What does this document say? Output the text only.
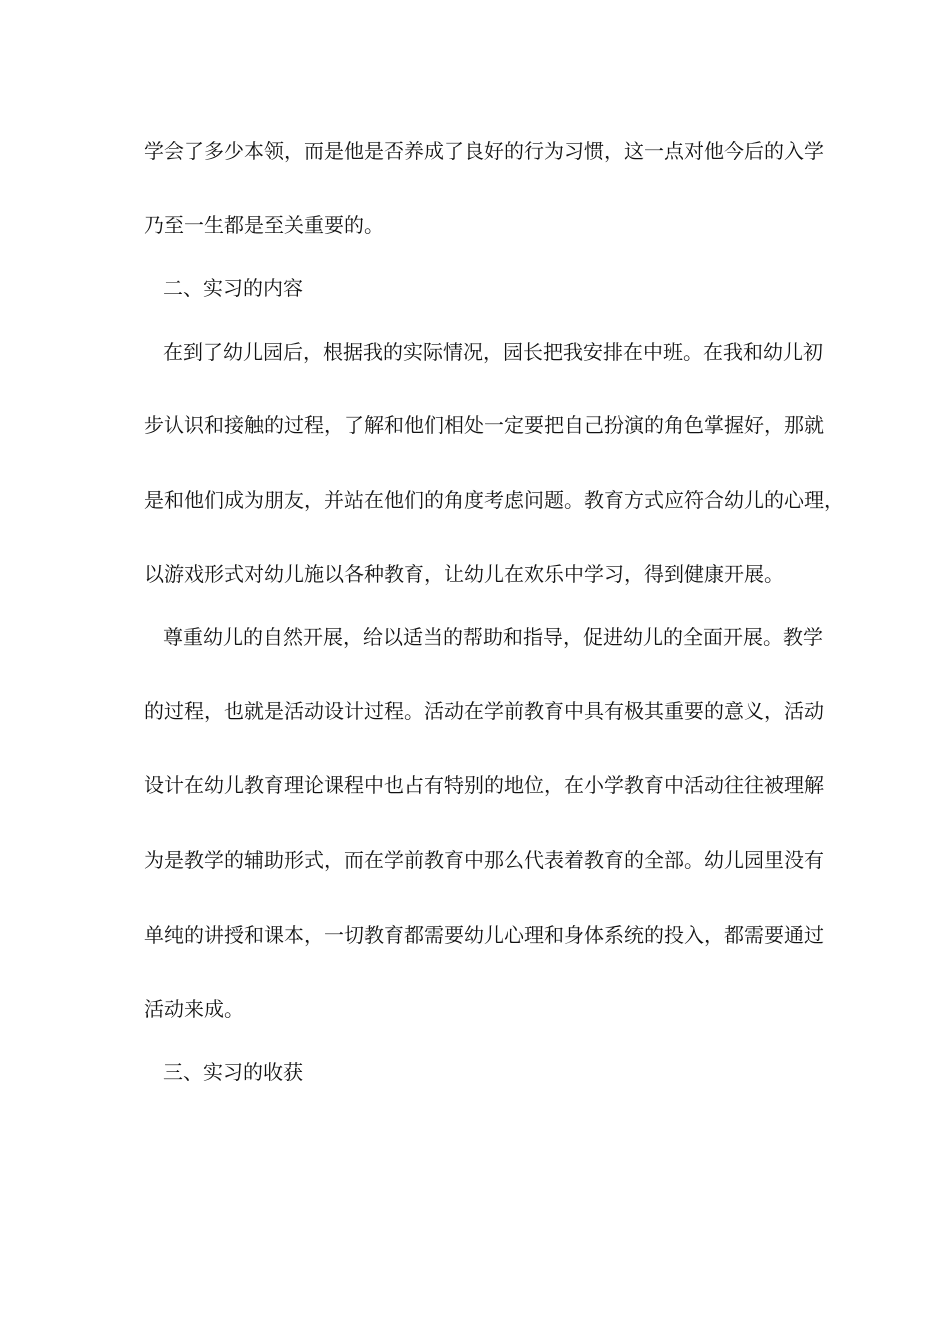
学会了多少本领，而是他是否养成了良好的行为习惯，这一点对他今后的入学
乃至一生都是至关重要的。
二、实习的内容
在到了幼儿园后，根据我的实际情况，园长把我安排在中班。在我和幼儿初
步认识和接触的过程，了解和他们相处一定要把自己扮演的角色掌握好，那就
是和他们成为朋友，并站在他们的角度考虑问题。教育方式应符合幼儿的心理，
以游戏形式对幼儿施以各种教育，让幼儿在欢乐中学习，得到健康开展。
尊重幼儿的自然开展，给以适当的帮助和指导，促进幼儿的全面开展。教学
的过程，也就是活动设计过程。活动在学前教育中具有极其重要的意义，活动
设计在幼儿教育理论课程中也占有特别的地位，在小学教育中活动往往被理解
为是教学的辅助形式，而在学前教育中那么代表着教育的全部。幼儿园里没有
单纯的讲授和课本，一切教育都需要幼儿心理和身体系统的投入，都需要通过
活动来成。
三、实习的收获
